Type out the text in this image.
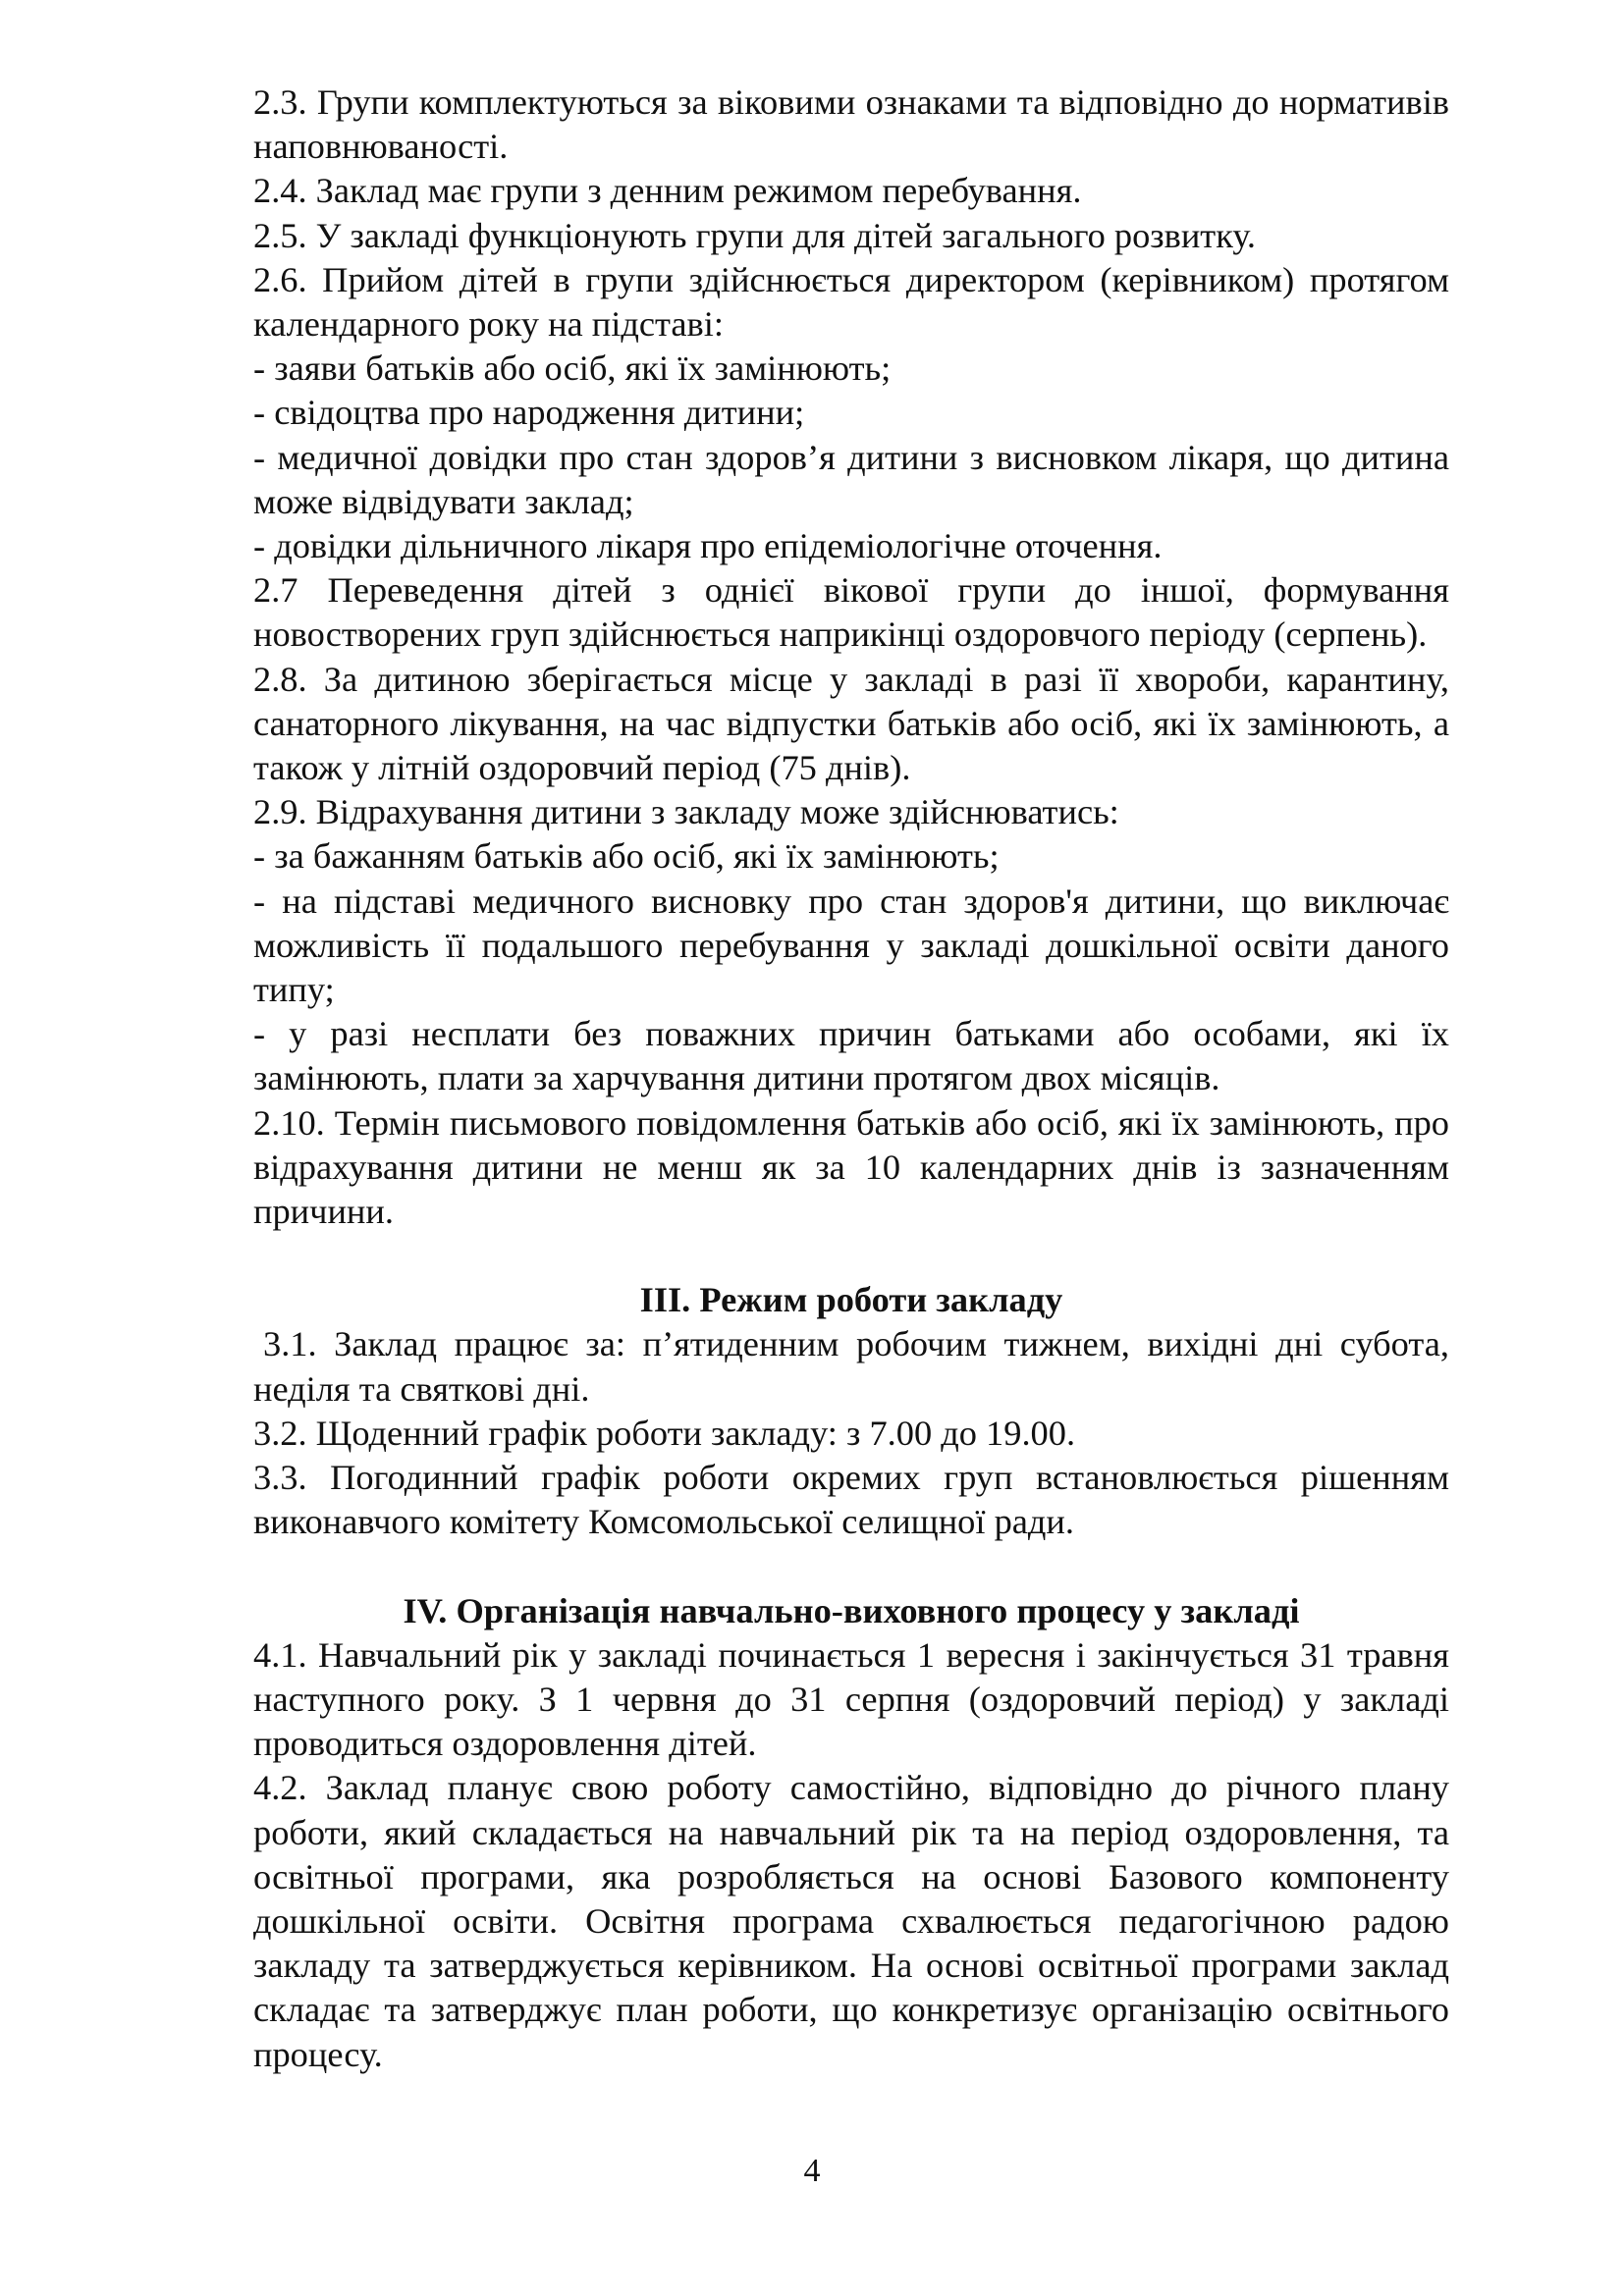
2.3. Групи комплектуються за віковими ознаками та відповідно до нормативів наповнюваності.

2.4. Заклад має групи з денним режимом перебування.

2.5. У закладі функціонують групи для дітей загального розвитку.

2.6. Прийом дітей в групи здійснюється директором (керівником) протягом календарного року на підставі:

- заяви батьків або осіб, які їх замінюють;

- свідоцтва про народження дитини;

- медичної довідки про стан здоров’я дитини з висновком лікаря, що дитина може відвідувати заклад;

- довідки дільничного лікаря про епідеміологічне оточення.

2.7 Переведення дітей з однієї вікової групи до іншої, формування новостворених груп здійснюється наприкінці оздоровчого періоду (серпень).

2.8. За дитиною зберігається місце у закладі в разі її хвороби, карантину, санаторного лікування, на час відпустки батьків або осіб, які їх замінюють, а також у літній оздоровчий період (75 днів).

2.9. Відрахування дитини з закладу може здійснюватись:

- за бажанням батьків або осіб, які їх замінюють;

- на підставі медичного висновку про стан здоров'я дитини, що виключає можливість її подальшого перебування у закладі дошкільної освіти даного типу;

- у разі несплати без поважних причин батьками або особами, які їх замінюють, плати за харчування дитини протягом двох місяців.

2.10. Термін письмового повідомлення батьків або осіб, які їх замінюють, про відрахування дитини не менш як за 10 календарних днів із зазначенням причини.

ІІІ. Режим роботи закладу

3.1. Заклад працює за: п’ятиденним робочим тижнем, вихідні дні субота, неділя та святкові дні.

3.2. Щоденний графік роботи закладу: з 7.00 до 19.00.

3.3. Погодинний графік роботи окремих груп встановлюється рішенням виконавчого комітету Комсомольської селищної ради.

IV. Організація навчально-виховного процесу у закладі

4.1. Навчальний рік у закладі починається 1 вересня і закінчується 31 травня наступного року. З 1 червня до 31 серпня (оздоровчий період) у закладі проводиться оздоровлення дітей.

4.2. Заклад планує свою роботу самостійно, відповідно до річного плану роботи, який складається на навчальний рік та на період оздоровлення, та освітньої програми, яка розробляється на основі Базового компоненту дошкільної освіти. Освітня програма схвалюється педагогічною радою закладу та затверджується керівником. На основі освітньої програми заклад складає та затверджує план роботи, що конкретизує організацію освітнього процесу.

4
